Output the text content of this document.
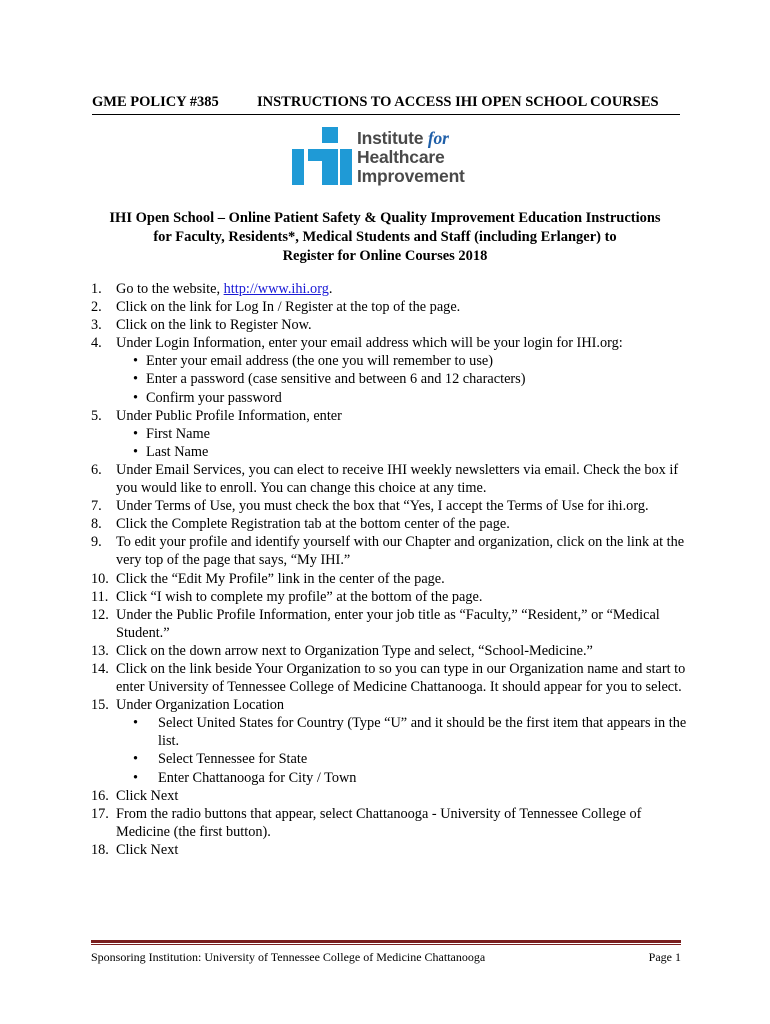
GME POLICY #385	INSTRUCTIONS TO ACCESS IHI OPEN SCHOOL COURSES
Institute for
Healthcare
Improvement
IHI Open School – Online Patient Safety & Quality Improvement Education Instructions
for Faculty, Residents*, Medical Students and Staff (including Erlanger) to
Register for Online Courses 2018
1. Go to the website, http://www.ihi.org.
2. Click on the link for Log In / Register at the top of the page.
3. Click on the link to Register Now.
4. Under Login Information, enter your email address which will be your login for IHI.org:
• Enter your email address (the one you will remember to use)
• Enter a password (case sensitive and between 6 and 12 characters)
• Confirm your password
5. Under Public Profile Information, enter
• First Name
• Last Name
6. Under Email Services, you can elect to receive IHI weekly newsletters via email. Check the box if you would like to enroll. You can change this choice at any time.
7. Under Terms of Use, you must check the box that “Yes, I accept the Terms of Use for ihi.org.
8. Click the Complete Registration tab at the bottom center of the page.
9. To edit your profile and identify yourself with our Chapter and organization, click on the link at the very top of the page that says, “My IHI.”
10. Click the “Edit My Profile” link in the center of the page.
11. Click “I wish to complete my profile” at the bottom of the page.
12. Under the Public Profile Information, enter your job title as “Faculty,” “Resident,” or “Medical Student.”
13. Click on the down arrow next to Organization Type and select, “School-Medicine.”
14. Click on the link beside Your Organization to so you can type in our Organization name and start to enter University of Tennessee College of Medicine Chattanooga. It should appear for you to select.
15. Under Organization Location
• Select United States for Country (Type “U” and it should be the first item that appears in the list.
• Select Tennessee for State
• Enter Chattanooga for City / Town
16. Click Next
17. From the radio buttons that appear, select Chattanooga - University of Tennessee College of Medicine (the first button).
18. Click Next
Sponsoring Institution: University of Tennessee College of Medicine Chattanooga	Page 1
